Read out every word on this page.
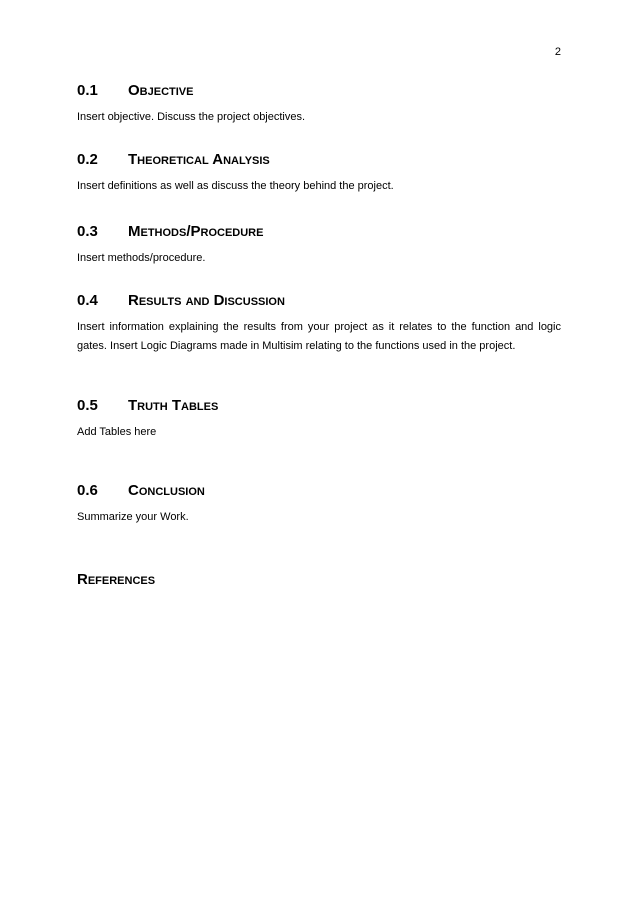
2
0.1 Objective
Insert objective. Discuss the project objectives.
0.2 Theoretical Analysis
Insert definitions as well as discuss the theory behind the project.
0.3 Methods/Procedure
Insert methods/procedure.
0.4 Results and Discussion
Insert information explaining the results from your project as it relates to the function and logic gates. Insert Logic Diagrams made in Multisim relating to the functions used in the project.
0.5 Truth Tables
Add Tables here
0.6 Conclusion
Summarize your Work.
References
